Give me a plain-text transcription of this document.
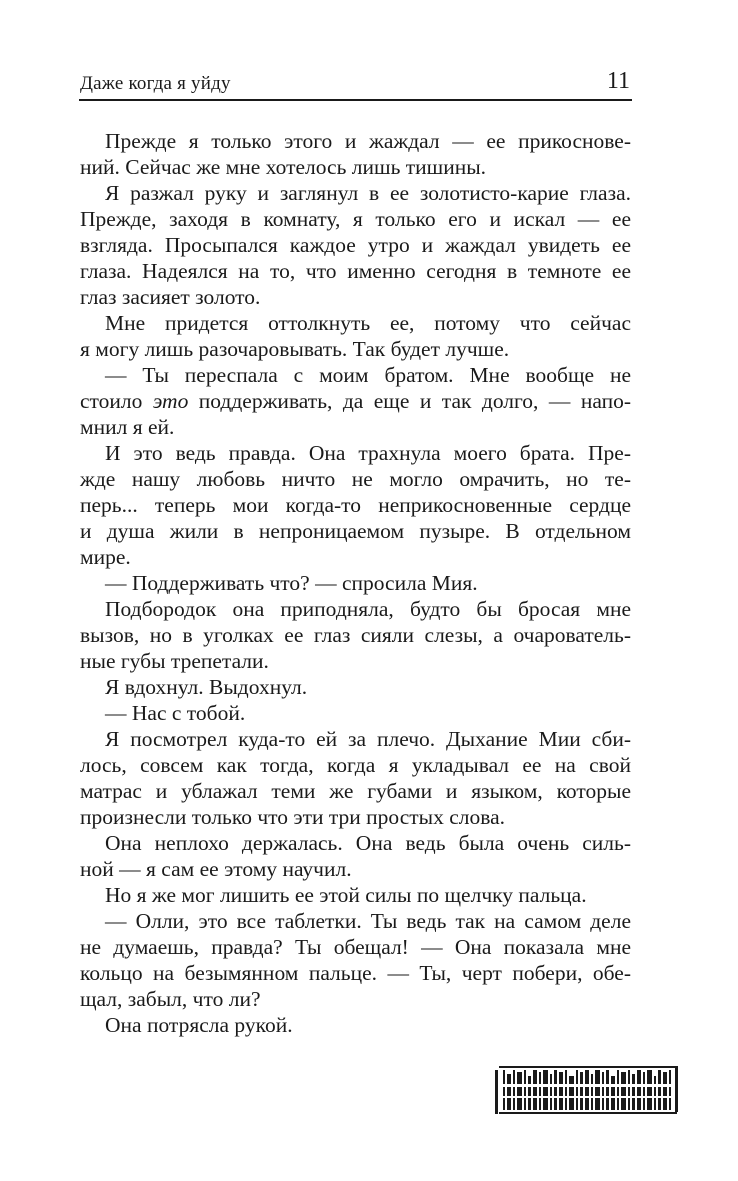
Даже когда я уйду	11

Прежде я только этого и жаждал — ее прикоснове-
ний. Сейчас же мне хотелось лишь тишины.

Я разжал руку и заглянул в ее золотисто-карие глаза.
Прежде, заходя в комнату, я только его и искал — ее
взгляда. Просыпался каждое утро и жаждал увидеть ее
глаза. Надеялся на то, что именно сегодня в темноте ее
глаз засияет золото.

Мне придется оттолкнуть ее, потому что сейчас
я могу лишь разочаровывать. Так будет лучше.

— Ты переспала с моим братом. Мне вообще не
стоило это поддерживать, да еще и так долго, — напо-
мнил я ей.

И это ведь правда. Она трахнула моего брата. Пре-
жде нашу любовь ничто не могло омрачить, но те-
перь... теперь мои когда-то неприкосновенные сердце
и душа жили в непроницаемом пузыре. В отдельном
мире.

— Поддерживать что? — спросила Мия.

Подбородок она приподняла, будто бы бросая мне
вызов, но в уголках ее глаз сияли слезы, а очарователь-
ные губы трепетали.

Я вдохнул. Выдохнул.

— Нас с тобой.

Я посмотрел куда-то ей за плечо. Дыхание Мии сби-
лось, совсем как тогда, когда я укладывал ее на свой
матрас и ублажал теми же губами и языком, которые
произнесли только что эти три простых слова.

Она неплохо держалась. Она ведь была очень силь-
ной — я сам ее этому научил.

Но я же мог лишить ее этой силы по щелчку пальца.

— Олли, это все таблетки. Ты ведь так на самом деле
не думаешь, правда? Ты обещал! — Она показала мне
кольцо на безымянном пальце. — Ты, черт побери, обе-
щал, забыл, что ли?

Она потрясла рукой.
